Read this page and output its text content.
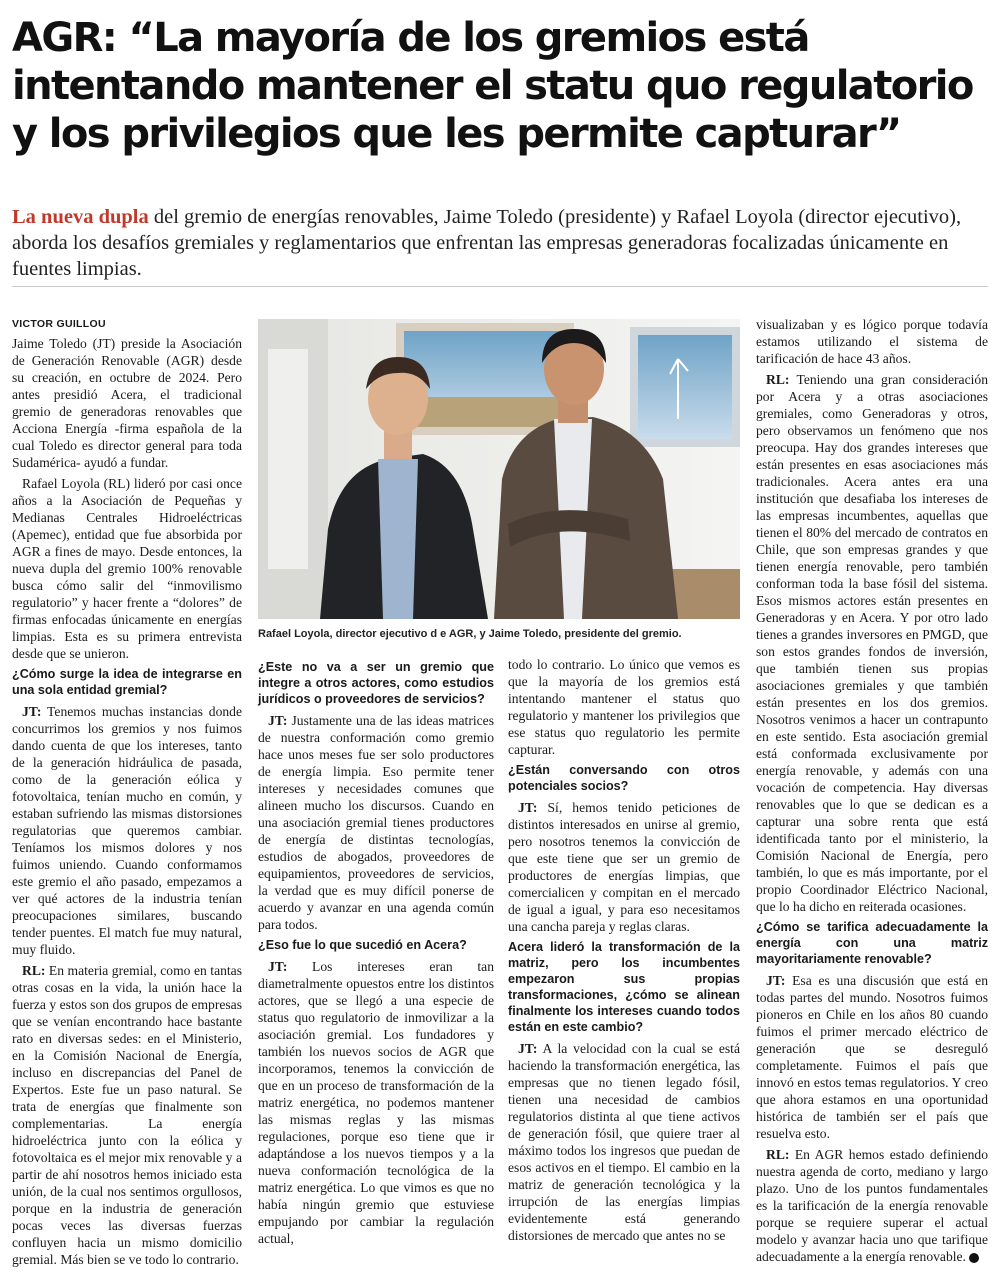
AGR: “La mayoría de los gremios está
intentando mantener el statu quo regulatorio
y los privilegios que les permite capturar”

La nueva dupla del gremio de energías renovables, Jaime Toledo (presidente) y Rafael Loyola (director ejecutivo), aborda los desafíos gremiales y reglamentarios que enfrentan las empresas generadoras focalizadas únicamente en fuentes limpias.

VICTOR GUILLOU

Jaime Toledo (JT) preside la Asociación de Generación Renovable (AGR) desde su creación, en octubre de 2024. Pero antes presidió Acera, el tradicional gremio de generadoras renovables que Acciona Energía -firma española de la cual Toledo es director general para toda Sudamérica- ayudó a fundar.

Rafael Loyola (RL) lideró por casi once años a la Asociación de Pequeñas y Medianas Centrales Hidroeléctricas (Apemec), entidad que fue absorbida por AGR a fines de mayo. Desde entonces, la nueva dupla del gremio 100% renovable busca cómo salir del “inmovilismo regulatorio” y hacer frente a “dolores” de firmas enfocadas únicamente en energías limpias. Esta es su primera entrevista desde que se unieron.

¿Cómo surge la idea de integrarse en una sola entidad gremial?

JT: Tenemos muchas instancias donde concurrimos los gremios y nos fuimos dando cuenta de que los intereses, tanto de la generación hidráulica de pasada, como de la generación eólica y fotovoltaica, tenían mucho en común, y estaban sufriendo las mismas distorsiones regulatorias que queremos cambiar. Teníamos los mismos dolores y nos fuimos uniendo. Cuando conformamos este gremio el año pasado, empezamos a ver qué actores de la industria tenían preocupaciones similares, buscando tender puentes. El match fue muy natural, muy fluido.

RL: En materia gremial, como en tantas otras cosas en la vida, la unión hace la fuerza y estos son dos grupos de empresas que se venían encontrando hace bastante rato en diversas sedes: en el Ministerio, en la Comisión Nacional de Energía, incluso en discrepancias del Panel de Expertos. Este fue un paso natural. Se trata de energías que finalmente son complementarias. La energía hidroeléctrica junto con la eólica y fotovoltaica es el mejor mix renovable y a partir de ahí nosotros hemos iniciado esta unión, de la cual nos sentimos orgullosos, porque en la industria de generación pocas veces las diversas fuerzas confluyen hacia un mismo domicilio gremial. Más bien se ve todo lo contrario.

Rafael Loyola, director ejecutivo d e AGR, y Jaime Toledo, presidente del gremio.

¿Este no va a ser un gremio que integre a otros actores, como estudios jurídicos o proveedores de servicios?

JT: Justamente una de las ideas matrices de nuestra conformación como gremio hace unos meses fue ser solo productores de energía limpia. Eso permite tener intereses y necesidades comunes que alineen mucho los discursos. Cuando en una asociación gremial tienes productores de energía de distintas tecnologías, estudios de abogados, proveedores de equipamientos, proveedores de servicios, la verdad que es muy difícil ponerse de acuerdo y avanzar en una agenda común para todos.

¿Eso fue lo que sucedió en Acera?

JT: Los intereses eran tan diametralmente opuestos entre los distintos actores, que se llegó a una especie de status quo regulatorio de inmovilizar a la asociación gremial. Los fundadores y también los nuevos socios de AGR que incorporamos, tenemos la convicción de que en un proceso de transformación de la matriz energética, no podemos mantener las mismas reglas y las mismas regulaciones, porque eso tiene que ir adaptándose a los nuevos tiempos y a la nueva conformación tecnológica de la matriz energética. Lo que vimos es que no había ningún gremio que estuviese empujando por cambiar la regulación actual,

todo lo contrario. Lo único que vemos es que la mayoría de los gremios está intentando mantener el status quo regulatorio y mantener los privilegios que ese status quo regulatorio les permite capturar.

¿Están conversando con otros potenciales socios?

JT: Sí, hemos tenido peticiones de distintos interesados en unirse al gremio, pero nosotros tenemos la convicción de que este tiene que ser un gremio de productores de energías limpias, que comercialicen y compitan en el mercado de igual a igual, y para eso necesitamos una cancha pareja y reglas claras.

Acera lideró la transformación de la matriz, pero los incumbentes empezaron sus propias transformaciones, ¿cómo se alinean finalmente los intereses cuando todos están en este cambio?

JT: A la velocidad con la cual se está haciendo la transformación energética, las empresas que no tienen legado fósil, tienen una necesidad de cambios regulatorios distinta al que tiene activos de generación fósil, que quiere traer al máximo todos los ingresos que puedan de esos activos en el tiempo. El cambio en la matriz de generación tecnológica y la irrupción de las energías limpias evidentemente está generando distorsiones de mercado que antes no se

visualizaban y es lógico porque todavía estamos utilizando el sistema de tarificación de hace 43 años.

RL: Teniendo una gran consideración por Acera y a otras asociaciones gremiales, como Generadoras y otros, pero observamos un fenómeno que nos preocupa. Hay dos grandes intereses que están presentes en esas asociaciones más tradicionales. Acera antes era una institución que desafiaba los intereses de las empresas incumbentes, aquellas que tienen el 80% del mercado de contratos en Chile, que son empresas grandes y que tienen energía renovable, pero también conforman toda la base fósil del sistema. Esos mismos actores están presentes en Generadoras y en Acera. Y por otro lado tienes a grandes inversores en PMGD, que son estos grandes fondos de inversión, que también tienen sus propias asociaciones gremiales y que también están presentes en los dos gremios. Nosotros venimos a hacer un contrapunto en este sentido. Esta asociación gremial está conformada exclusivamente por energía renovable, y además con una vocación de competencia. Hay diversas renovables que lo que se dedican es a capturar una sobre renta que está identificada tanto por el ministerio, la Comisión Nacional de Energía, pero también, lo que es más importante, por el propio Coordinador Eléctrico Nacional, que lo ha dicho en reiterada ocasiones.

¿Cómo se tarifica adecuadamente la energía con una matriz mayoritariamente renovable?

JT: Esa es una discusión que está en todas partes del mundo. Nosotros fuimos pioneros en Chile en los años 80 cuando fuimos el primer mercado eléctrico de generación que se desreguló completamente. Fuimos el país que innovó en estos temas regulatorios. Y creo que ahora estamos en una oportunidad histórica de también ser el país que resuelva esto.

RL: En AGR hemos estado definiendo nuestra agenda de corto, mediano y largo plazo. Uno de los puntos fundamentales es la tarificación de la energía renovable porque se requiere superar el actual modelo y avanzar hacia uno que tarifique adecuadamente a la energía renovable. P
